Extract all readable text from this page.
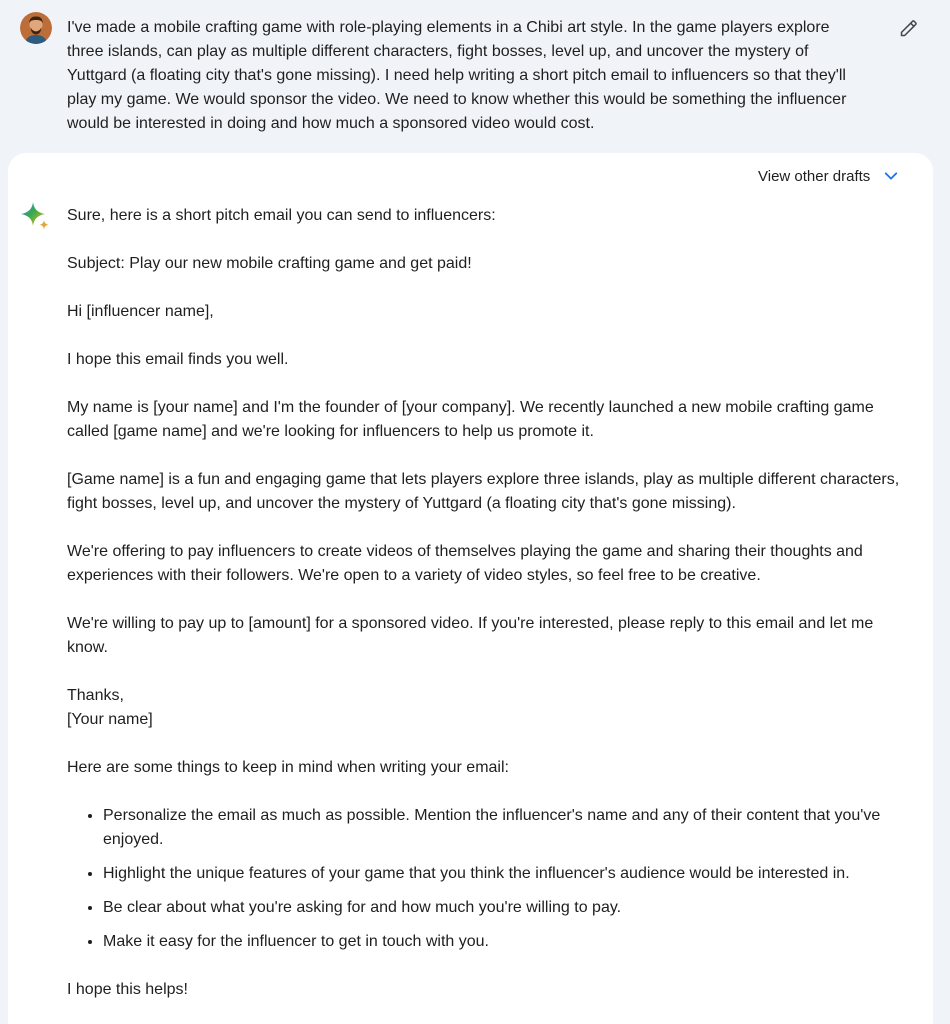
I've made a mobile crafting game with role-playing elements in a Chibi art style. In the game players explore three islands, can play as multiple different characters, fight bosses, level up, and uncover the mystery of Yuttgard (a floating city that's gone missing). I need help writing a short pitch email to influencers so that they'll play my game. We would sponsor the video. We need to know whether this would be something the influencer would be interested in doing and how much a sponsored video would cost.
View other drafts

Sure, here is a short pitch email you can send to influencers:

Subject: Play our new mobile crafting game and get paid!

Hi [influencer name],

I hope this email finds you well.

My name is [your name] and I'm the founder of [your company]. We recently launched a new mobile crafting game called [game name] and we're looking for influencers to help us promote it.

[Game name] is a fun and engaging game that lets players explore three islands, play as multiple different characters, fight bosses, level up, and uncover the mystery of Yuttgard (a floating city that's gone missing).

We're offering to pay influencers to create videos of themselves playing the game and sharing their thoughts and experiences with their followers. We're open to a variety of video styles, so feel free to be creative.

We're willing to pay up to [amount] for a sponsored video. If you're interested, please reply to this email and let me know.

Thanks,
[Your name]

Here are some things to keep in mind when writing your email:

• Personalize the email as much as possible. Mention the influencer's name and any of their content that you've enjoyed.
• Highlight the unique features of your game that you think the influencer's audience would be interested in.
• Be clear about what you're asking for and how much you're willing to pay.
• Make it easy for the influencer to get in touch with you.

I hope this helps!
